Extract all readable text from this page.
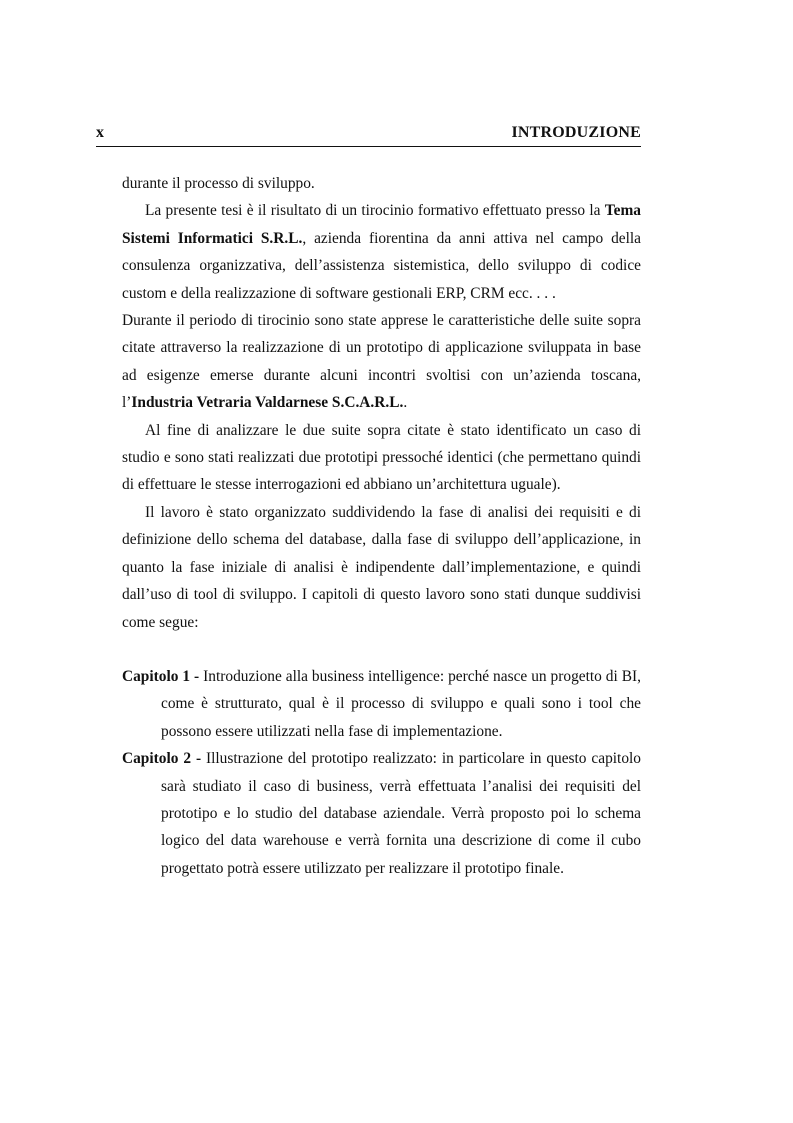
x	INTRODUZIONE

durante il processo di sviluppo.

La presente tesi è il risultato di un tirocinio formativo effettuato presso la Tema Sistemi Informatici S.R.L., azienda fiorentina da anni attiva nel campo della consulenza organizzativa, dell’assistenza sistemistica, dello sviluppo di codice custom e della realizzazione di software gestionali ERP, CRM ecc. . . .

Durante il periodo di tirocinio sono state apprese le caratteristiche delle suite sopra citate attraverso la realizzazione di un prototipo di applicazione sviluppata in base ad esigenze emerse durante alcuni incontri svoltisi con un’azienda toscana, l’Industria Vetraria Valdarnese S.C.A.R.L..

Al fine di analizzare le due suite sopra citate è stato identificato un caso di studio e sono stati realizzati due prototipi pressoché identici (che permettano quindi di effettuare le stesse interrogazioni ed abbiano un’architettura uguale).

Il lavoro è stato organizzato suddividendo la fase di analisi dei requisiti e di definizione dello schema del database, dalla fase di sviluppo dell’applicazione, in quanto la fase iniziale di analisi è indipendente dall’implementazione, e quindi dall’uso di tool di sviluppo. I capitoli di questo lavoro sono stati dunque suddivisi come segue:

Capitolo 1 - Introduzione alla business intelligence: perché nasce un progetto di BI, come è strutturato, qual è il processo di sviluppo e quali sono i tool che possono essere utilizzati nella fase di implementazione.

Capitolo 2 - Illustrazione del prototipo realizzato: in particolare in questo capitolo sarà studiato il caso di business, verrà effettuata l’analisi dei requisiti del prototipo e lo studio del database aziendale. Verrà proposto poi lo schema logico del data warehouse e verrà fornita una descrizione di come il cubo progettato potrà essere utilizzato per realizzare il prototipo finale.
